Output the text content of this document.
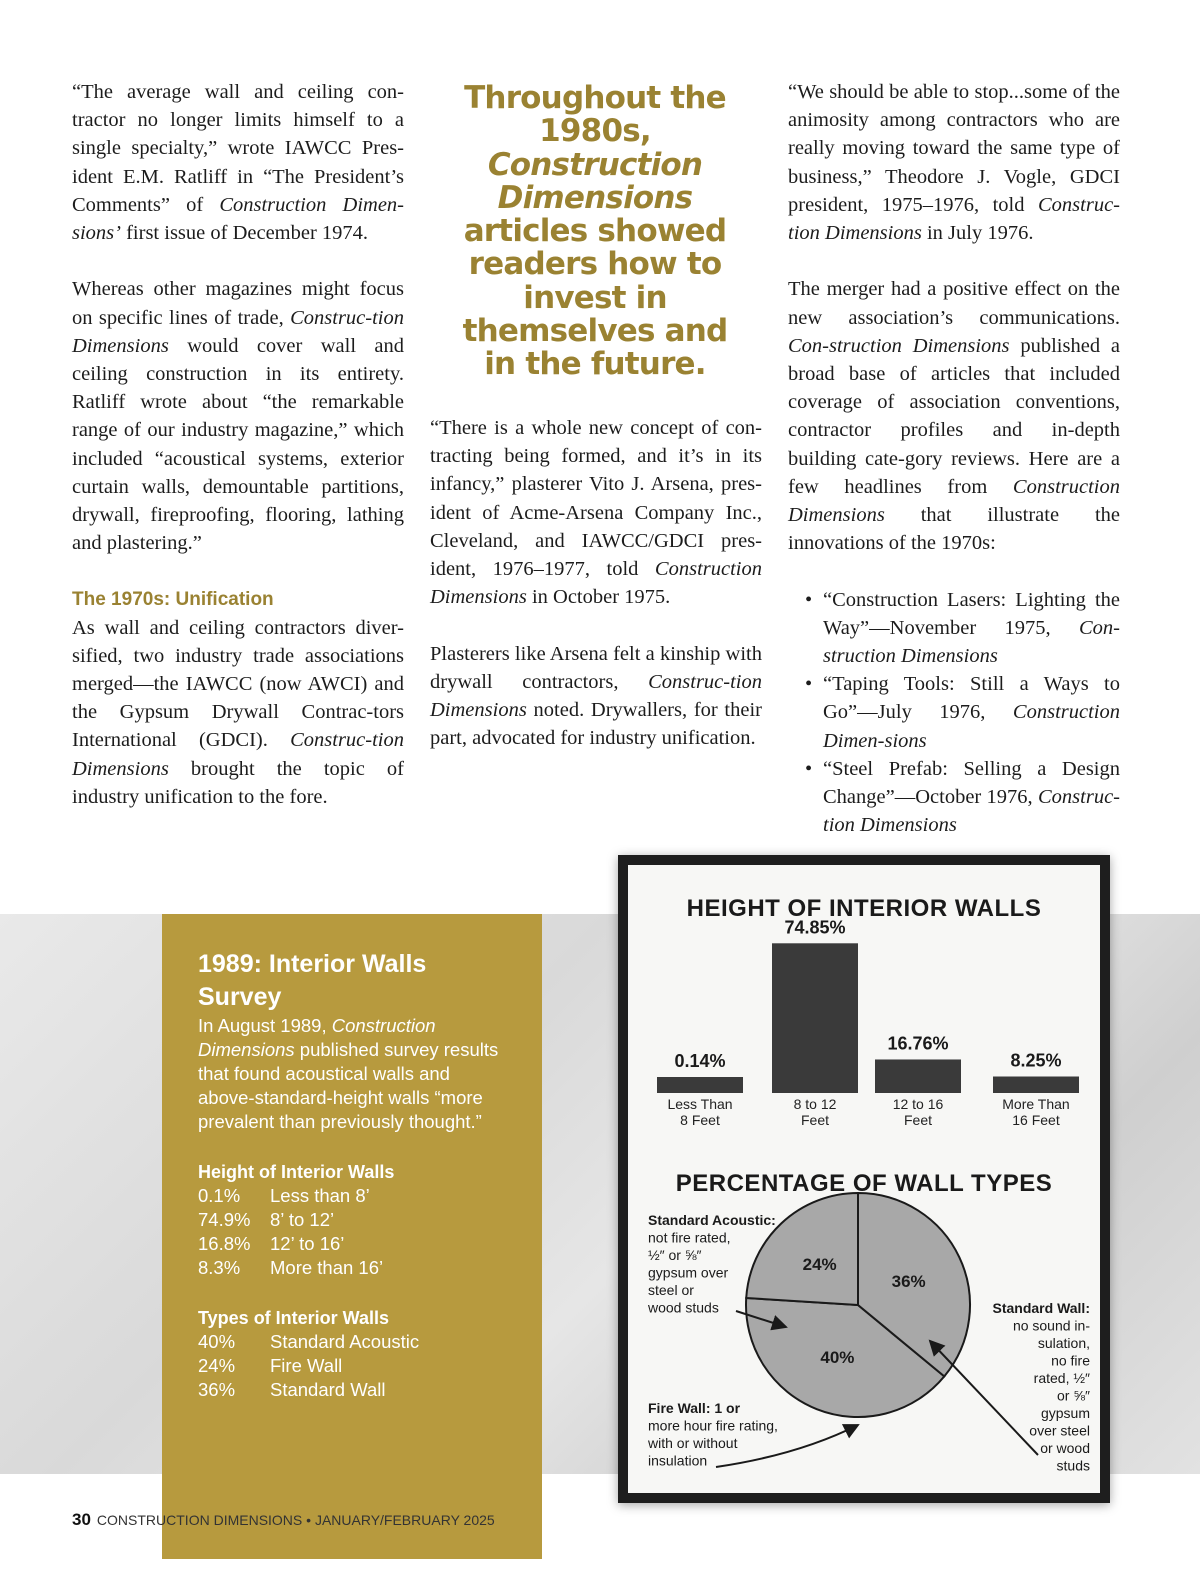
“The average wall and ceiling con-tractor no longer limits himself to a single specialty,” wrote IAWCC Pres-ident E.M. Ratliff in “The President’s Comments” of Construction Dimen-sions’ first issue of December 1974.

Whereas other magazines might focus on specific lines of trade, Construc-tion Dimensions would cover wall and ceiling construction in its entirety. Ratliff wrote about “the remarkable range of our industry magazine,” which included “acoustical systems, exterior curtain walls, demountable partitions, drywall, fireproofing, flooring, lathing and plastering.”

The 1970s: Unification

As wall and ceiling contractors diver-sified, two industry trade associations merged—the IAWCC (now AWCI) and the Gypsum Drywall Contrac-tors International (GDCI). Construc-tion Dimensions brought the topic of industry unification to the fore.

Throughout the 1980s,
Construction Dimensions
articles showed readers how to invest in themselves and in the future.

“There is a whole new concept of con-tracting being formed, and it’s in its infancy,” plasterer Vito J. Arsena, pres-ident of Acme-Arsena Company Inc., Cleveland, and IAWCC/GDCI pres-ident, 1976–1977, told Construction Dimensions in October 1975.

Plasterers like Arsena felt a kinship with drywall contractors, Construc-tion Dimensions noted. Drywallers, for their part, advocated for industry unification.

“We should be able to stop...some of the animosity among contractors who are really moving toward the same type of business,” Theodore J. Vogle, GDCI president, 1975–1976, told Construc-tion Dimensions in July 1976.

The merger had a positive effect on the new association’s communications. Con-struction Dimensions published a broad base of articles that included coverage of association conventions, contractor profiles and in-depth building cate-gory reviews. Here are a few headlines from Construction Dimensions that illustrate the innovations of the 1970s:

• “Construction Lasers: Lighting the Way”—November 1975, Con-struction Dimensions
• “Taping Tools: Still a Ways to Go”—July 1976, Construction Dimen-sions
• “Steel Prefab: Selling a Design Change”—October 1976, Construc-tion Dimensions
1989: Interior Walls Survey
In August 1989, Construction Dimensions published survey results that found acoustical walls and above-standard-height walls “more prevalent than previously thought.”
Height of Interior Walls
0.1%	Less than 8’
74.9%	8’ to 12’
16.8%	12’ to 16’
8.3%	More than 16’
Types of Interior Walls
40%	Standard Acoustic
24%	Fire Wall
36%	Standard Wall
HEIGHT OF INTERIOR WALLS
PERCENTAGE OF WALL TYPES
0.14%
Less Than
8 Feet
74.85%
8 to 12
Feet
16.76%
12 to 16
Feet
8.25%
More Than
16 Feet
40%
24%
36%
Standard Acoustic:
not fire rated,
½″ or ⅝″
gypsum over
steel or
wood studs
Fire Wall: 1 or
more hour fire rating,
with or without
insulation
Standard Wall:
no sound in-
sulation,
no fire
rated, ½″
or ⅝″
gypsum
over steel
or wood
studs
30 CONSTRUCTION DIMENSIONS • JANUARY/FEBRUARY 2025
